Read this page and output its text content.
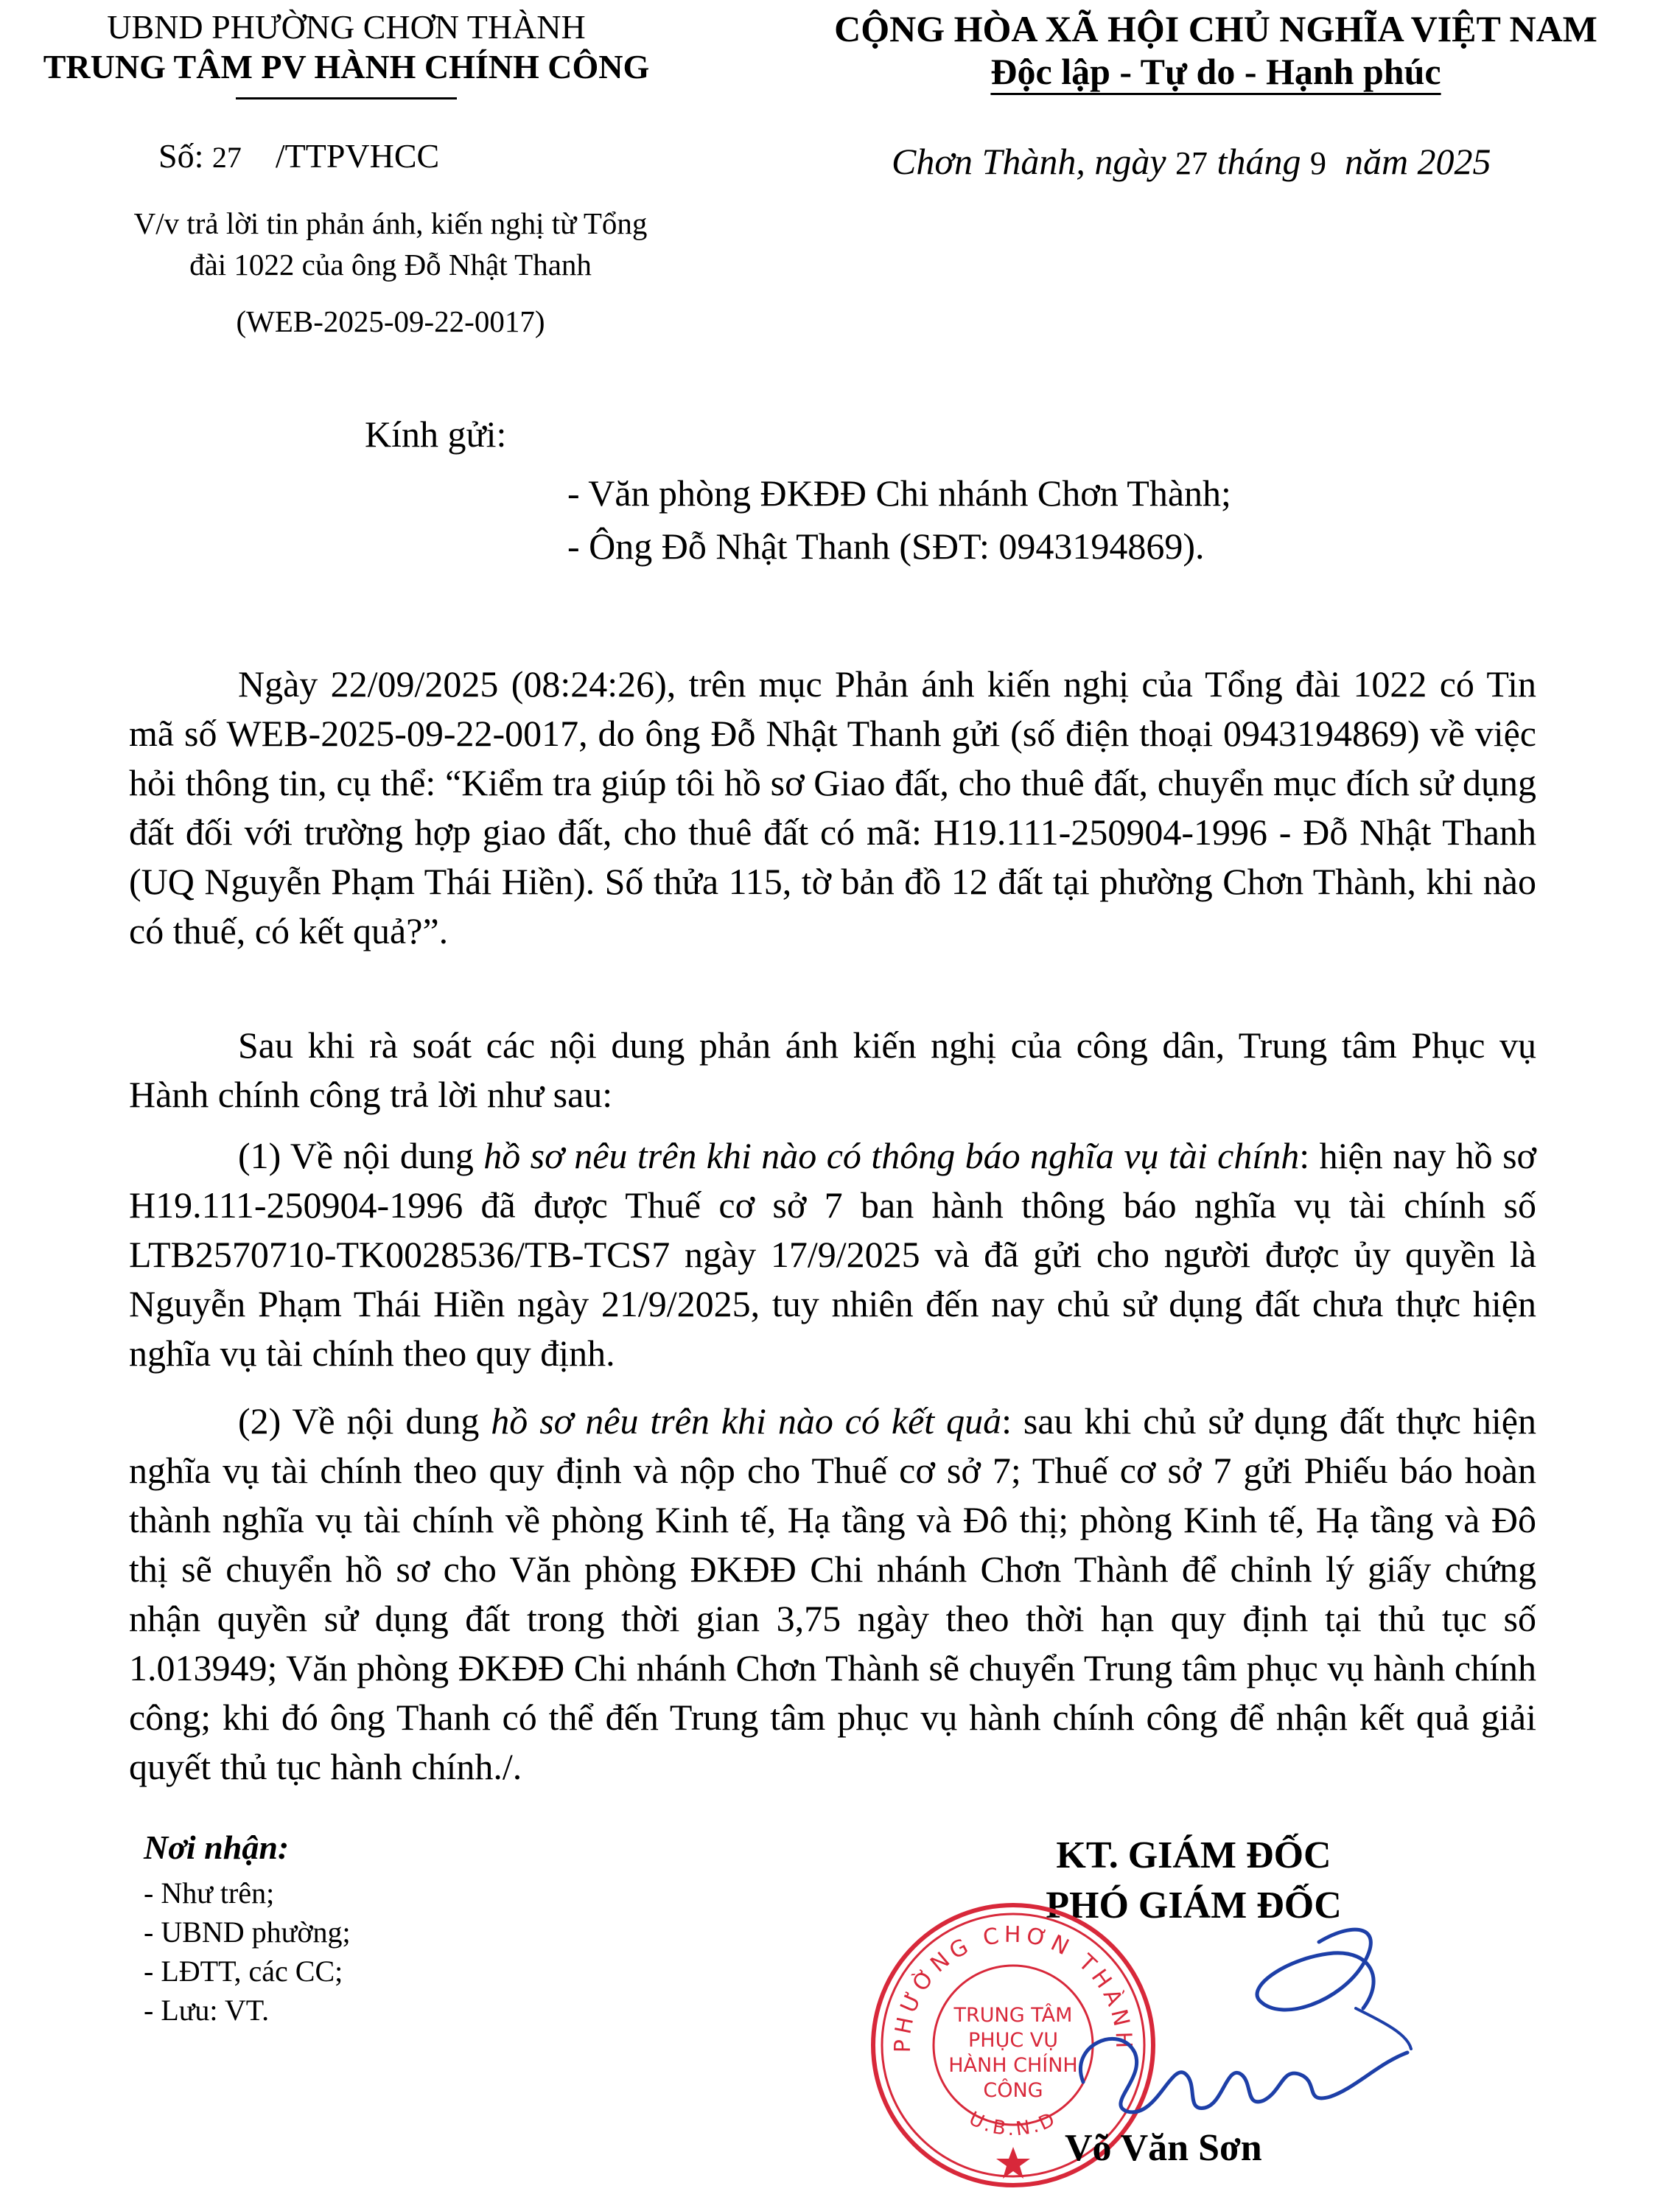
UBND PHƯỜNG CHƠN THÀNH
TRUNG TÂM PV HÀNH CHÍNH CÔNG
CỘNG HÒA XÃ HỘI CHỦ NGHĨA VIỆT NAM
Độc lập - Tự do - Hạnh phúc
Số: 27 /TTPVHCC	Chơn Thành, ngày 27 tháng 9 năm 2025
V/v trả lời tin phản ánh, kiến nghị từ Tổng
đài 1022 của ông Đỗ Nhật Thanh
(WEB-2025-09-22-0017)
Kính gửi:
- Văn phòng ĐKĐĐ Chi nhánh Chơn Thành;
- Ông Đỗ Nhật Thanh (SĐT: 0943194869).
Ngày 22/09/2025 (08:24:26), trên mục Phản ánh kiến nghị của Tổng đài 1022 có Tin mã số WEB-2025-09-22-0017, do ông Đỗ Nhật Thanh gửi (số điện thoại 0943194869) về việc hỏi thông tin, cụ thể: “Kiểm tra giúp tôi hồ sơ Giao đất, cho thuê đất, chuyển mục đích sử dụng đất đối với trường hợp giao đất, cho thuê đất có mã: H19.111-250904-1996 - Đỗ Nhật Thanh (UQ Nguyễn Phạm Thái Hiền). Số thửa 115, tờ bản đồ 12 đất tại phường Chơn Thành, khi nào có thuế, có kết quả?”.
Sau khi rà soát các nội dung phản ánh kiến nghị của công dân, Trung tâm Phục vụ Hành chính công trả lời như sau:
(1) Về nội dung hồ sơ nêu trên khi nào có thông báo nghĩa vụ tài chính: hiện nay hồ sơ H19.111-250904-1996 đã được Thuế cơ sở 7 ban hành thông báo nghĩa vụ tài chính số LTB2570710-TK0028536/TB-TCS7 ngày 17/9/2025 và đã gửi cho người được ủy quyền là Nguyễn Phạm Thái Hiền ngày 21/9/2025, tuy nhiên đến nay chủ sử dụng đất chưa thực hiện nghĩa vụ tài chính theo quy định.
(2) Về nội dung hồ sơ nêu trên khi nào có kết quả: sau khi chủ sử dụng đất thực hiện nghĩa vụ tài chính theo quy định và nộp cho Thuế cơ sở 7; Thuế cơ sở 7 gửi Phiếu báo hoàn thành nghĩa vụ tài chính về phòng Kinh tế, Hạ tầng và Đô thị; phòng Kinh tế, Hạ tầng và Đô thị sẽ chuyển hồ sơ cho Văn phòng ĐKĐĐ Chi nhánh Chơn Thành để chỉnh lý giấy chứng nhận quyền sử dụng đất trong thời gian 3,75 ngày theo thời hạn quy định tại thủ tục số 1.013949; Văn phòng ĐKĐĐ Chi nhánh Chơn Thành sẽ chuyển Trung tâm phục vụ hành chính công; khi đó ông Thanh có thể đến Trung tâm phục vụ hành chính công để nhận kết quả giải quyết thủ tục hành chính./.
Nơi nhận:
- Như trên;
- UBND phường;
- LĐTT, các CC;
- Lưu: VT.
KT. GIÁM ĐỐC
PHÓ GIÁM ĐỐC
PHƯỜNG CHƠN THÀNH
U.B.N.D
TRUNG TÂM
PHỤC VỤ
HÀNH CHÍNH
CÔNG
Võ Văn Sơn
